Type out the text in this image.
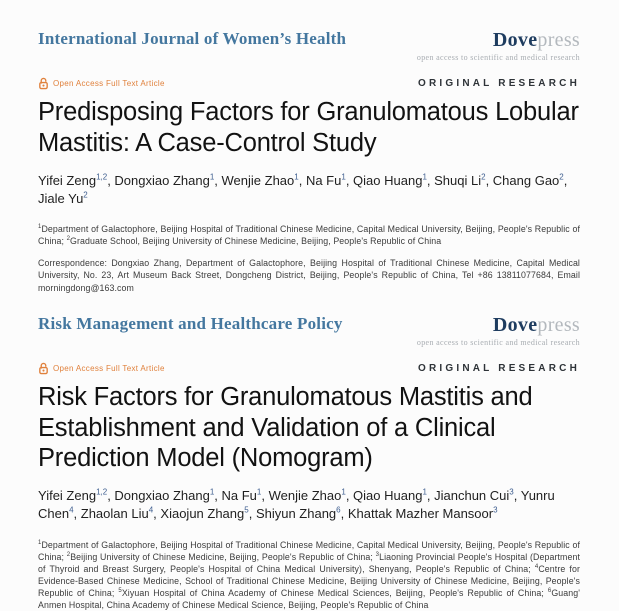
International Journal of Women’s Health	Dovepress
open access to scientific and medical research
Open Access Full Text Article	ORIGINAL RESEARCH
Predisposing Factors for Granulomatous Lobular Mastitis: A Case-Control Study
Yifei Zeng$^{1,2}$, Dongxiao Zhang$^1$, Wenjie Zhao$^1$, Na Fu$^1$, Qiao Huang$^1$, Shuqi Li$^2$, Chang Gao$^2$, Jiale Yu$^2$
$^1$Department of Galactophore, Beijing Hospital of Traditional Chinese Medicine, Capital Medical University, Beijing, People's Republic of China; $^2$Graduate School, Beijing University of Chinese Medicine, Beijing, People's Republic of China
Correspondence: Dongxiao Zhang, Department of Galactophore, Beijing Hospital of Traditional Chinese Medicine, Capital Medical University, No. 23, Art Museum Back Street, Dongcheng District, Beijing, People's Republic of China, Tel +86 13811077684, Email morningdong@163.com
Risk Management and Healthcare Policy	Dovepress
open access to scientific and medical research
Open Access Full Text Article	ORIGINAL RESEARCH
Risk Factors for Granulomatous Mastitis and Establishment and Validation of a Clinical Prediction Model (Nomogram)
Yifei Zeng$^{1,2}$, Dongxiao Zhang$^1$, Na Fu$^1$, Wenjie Zhao$^1$, Qiao Huang$^1$, Jianchun Cui$^3$, Yunru Chen$^4$, Zhaolan Liu$^4$, Xiaojun Zhang$^5$, Shiyun Zhang$^6$, Khattak Mazher Mansoor$^3$
$^1$Department of Galactophore, Beijing Hospital of Traditional Chinese Medicine, Capital Medical University, Beijing, People's Republic of China; $^2$Beijing University of Chinese Medicine, Beijing, People's Republic of China; $^3$Liaoning Provincial People's Hospital (Department of Thyroid and Breast Surgery, People's Hospital of China Medical University), Shenyang, People's Republic of China; $^4$Centre for Evidence-Based Chinese Medicine, School of Traditional Chinese Medicine, Beijing University of Chinese Medicine, Beijing, People's Republic of China; $^5$Xiyuan Hospital of China Academy of Chinese Medical Sciences, Beijing, People's Republic of China; $^6$Guang' Anmen Hospital, China Academy of Chinese Medical Science, Beijing, People's Republic of China
